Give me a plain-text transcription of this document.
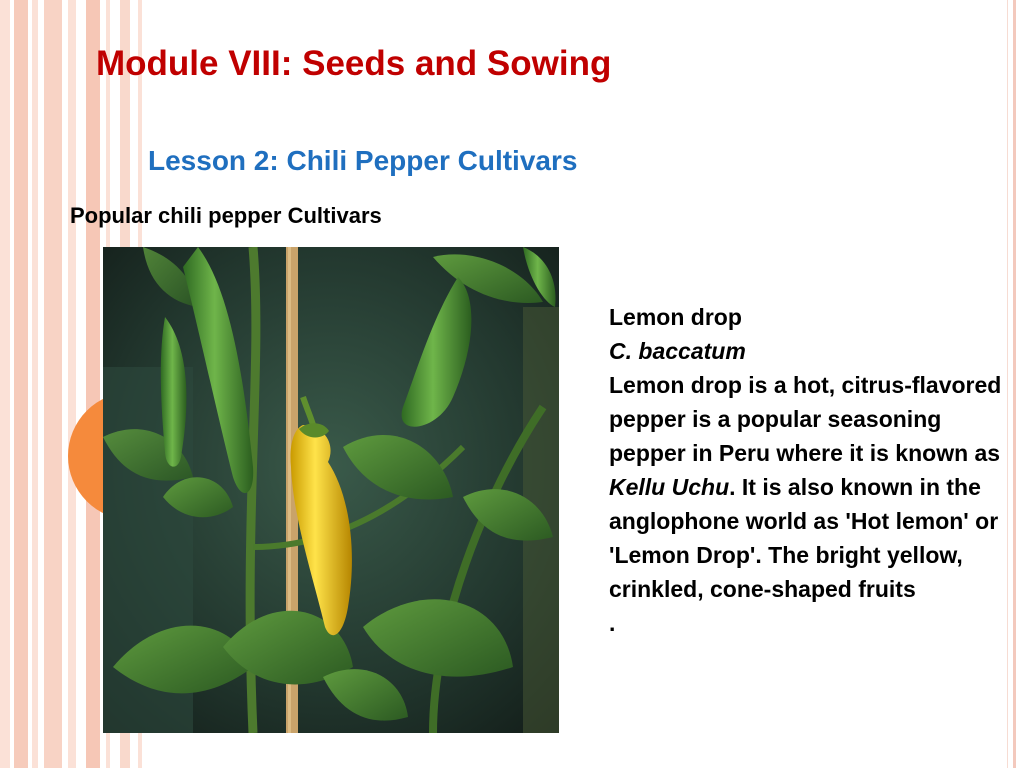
Module VIII: Seeds and Sowing
Lesson 2: Chili Pepper Cultivars
Popular chili pepper Cultivars

Lemon drop

C. baccatum

Lemon drop is a hot, citrus-flavored pepper is a popular seasoning pepper in Peru where it is known as Kellu Uchu. It is also known in the anglophone world as 'Hot lemon' or 'Lemon Drop'. The bright yellow, crinkled, cone-shaped fruits

.
